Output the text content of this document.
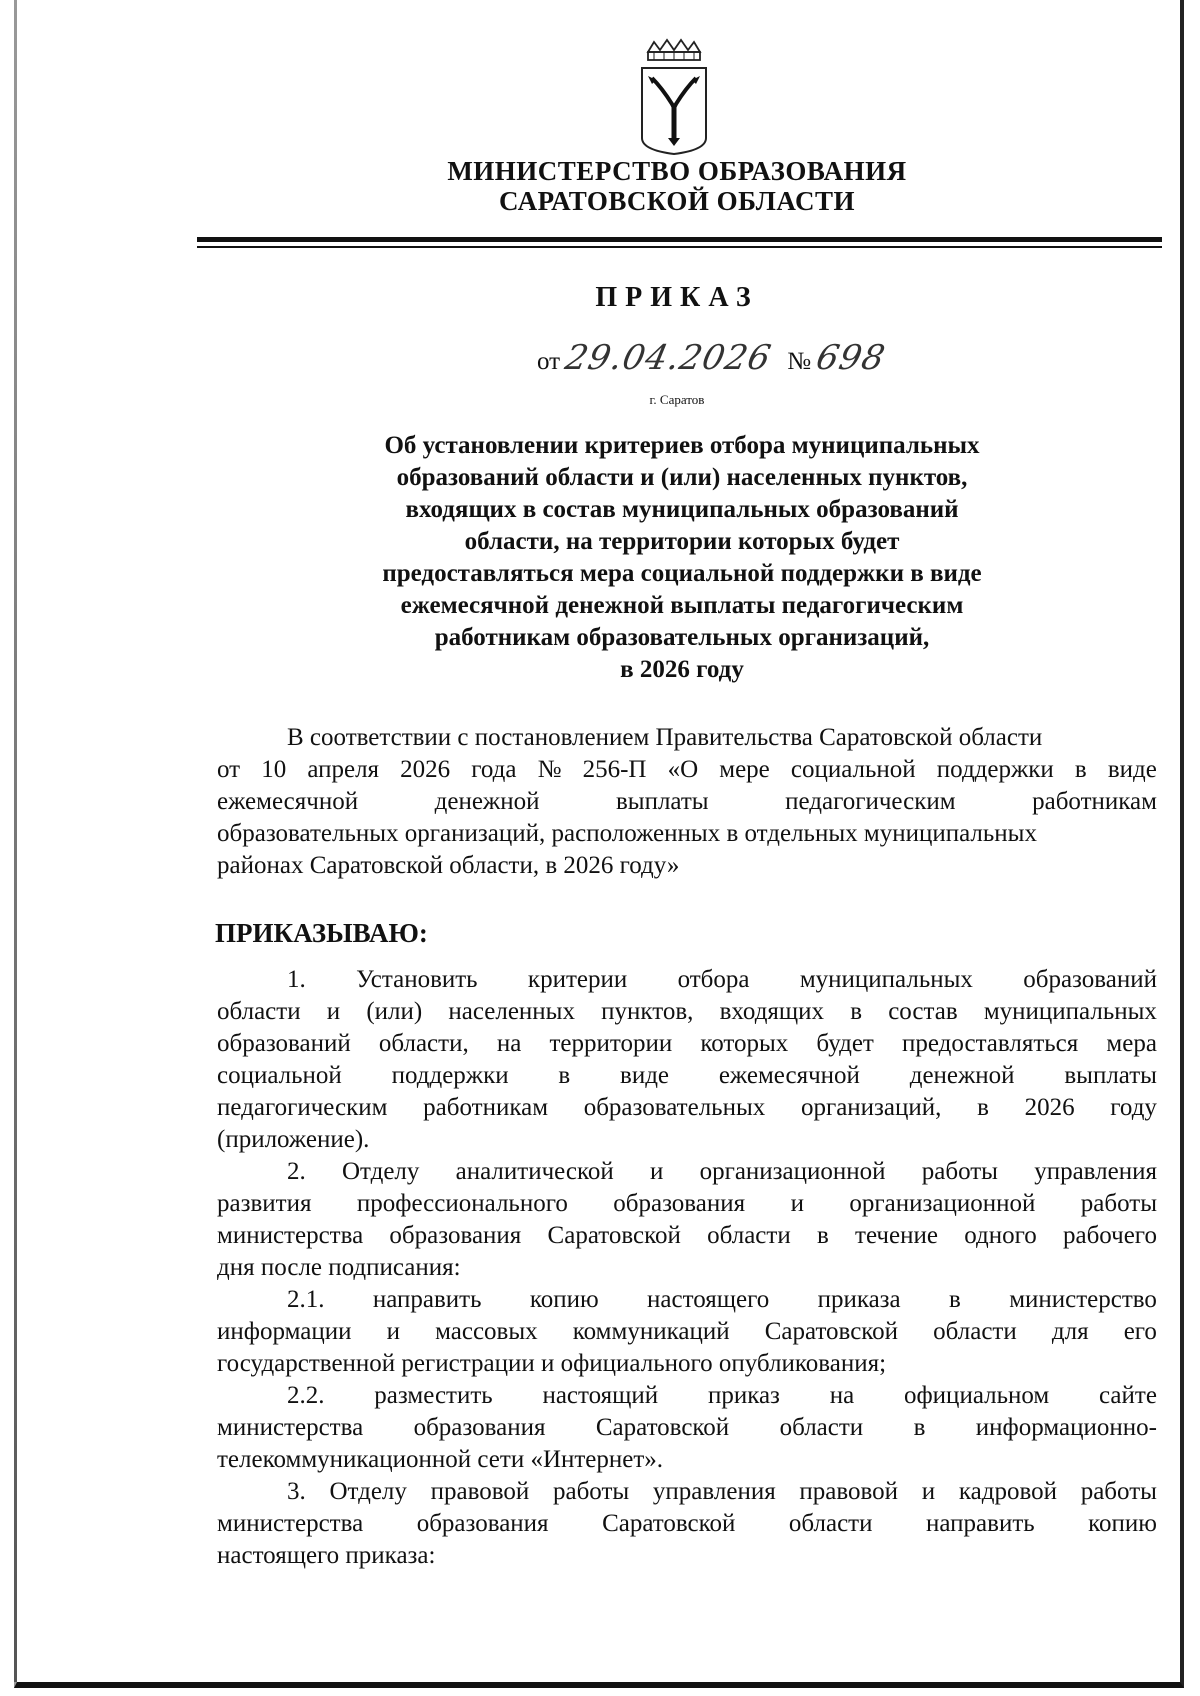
МИНИСТЕРСТВО ОБРАЗОВАНИЯ
САРАТОВСКОЙ ОБЛАСТИ
ПРИКАЗ
от 29.04.2026 № 698
г. Саратов
Об установлении критериев отбора муниципальных
образований области и (или) населенных пунктов,
входящих в состав муниципальных образований
области, на территории которых будет
предоставляться мера социальной поддержки в виде
ежемесячной денежной выплаты педагогическим
работникам образовательных организаций,
в 2026 году
В соответствии с постановлением Правительства Саратовской области
от 10 апреля 2026 года № 256-П «О мере социальной поддержки в виде
ежемесячной	денежной	выплаты	педагогическим	работникам
образовательных организаций, расположенных в отдельных муниципальных
районах Саратовской области, в 2026 году»
ПРИКАЗЫВАЮ:
1. Установить критерии отбора муниципальных образований
области и (или) населенных пунктов, входящих в состав муниципальных
образований области, на территории которых будет предоставляться мера
социальной поддержки в виде ежемесячной денежной выплаты
педагогическим работникам образовательных организаций, в 2026 году
(приложение).
2. Отделу аналитической и организационной работы управления
развития профессионального образования и организационной работы
министерства образования Саратовской области в течение одного рабочего
дня после подписания:
2.1. направить копию настоящего приказа в министерство
информации и массовых коммуникаций Саратовской области для его
государственной регистрации и официального опубликования;
2.2. разместить настоящий приказ на официальном сайте
министерства образования Саратовской области в информационно-
телекоммуникационной сети «Интернет».
3. Отделу правовой работы управления правовой и кадровой работы
министерства образования Саратовской области направить копию
настоящего приказа:
